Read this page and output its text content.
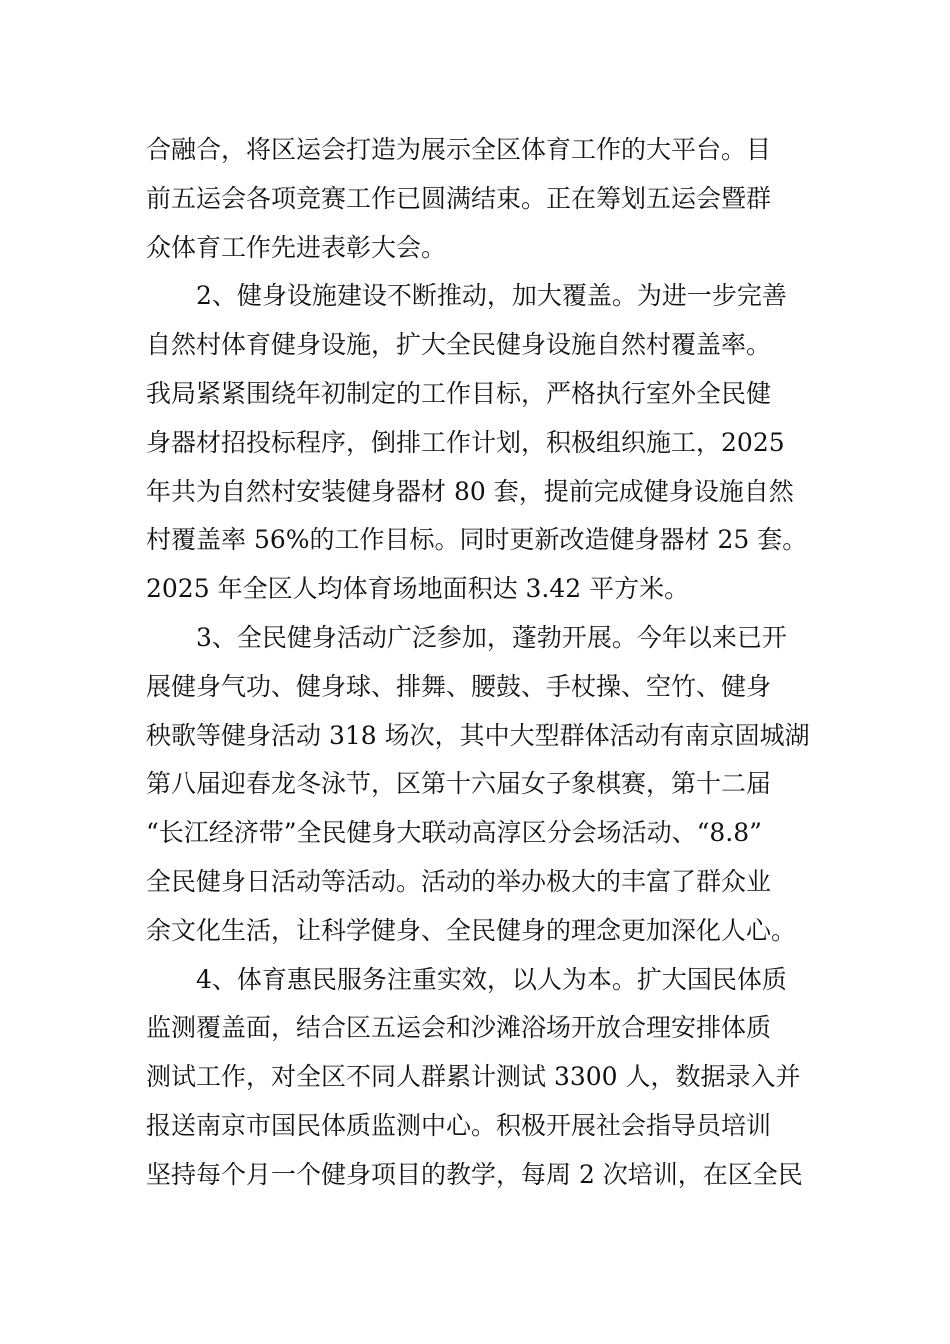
合融合，将区运会打造为展示全区体育工作的大平台。目
前五运会各项竞赛工作已圆满结束。正在筹划五运会暨群
众体育工作先进表彰大会。
2、健身设施建设不断推动，加大覆盖。为进一步完善
自然村体育健身设施，扩大全民健身设施自然村覆盖率。
我局紧紧围绕年初制定的工作目标，严格执行室外全民健
身器材招投标程序，倒排工作计划，积极组织施工，2025
年共为自然村安装健身器材 80 套，提前完成健身设施自然
村覆盖率 56%的工作目标。同时更新改造健身器材 25 套。
2025 年全区人均体育场地面积达 3.42 平方米。
3、全民健身活动广泛参加，蓬勃开展。今年以来已开
展健身气功、健身球、排舞、腰鼓、手杖操、空竹、健身
秧歌等健身活动 318 场次，其中大型群体活动有南京固城湖
第八届迎春龙冬泳节，区第十六届女子象棋赛，第十二届
“长江经济带”全民健身大联动高淳区分会场活动、“8.8”
全民健身日活动等活动。活动的举办极大的丰富了群众业
余文化生活，让科学健身、全民健身的理念更加深化人心。
4、体育惠民服务注重实效，以人为本。扩大国民体质
监测覆盖面，结合区五运会和沙滩浴场开放合理安排体质
测试工作，对全区不同人群累计测试 3300 人，数据录入并
报送南京市国民体质监测中心。积极开展社会指导员培训
坚持每个月一个健身项目的教学，每周 2 次培训，在区全民
